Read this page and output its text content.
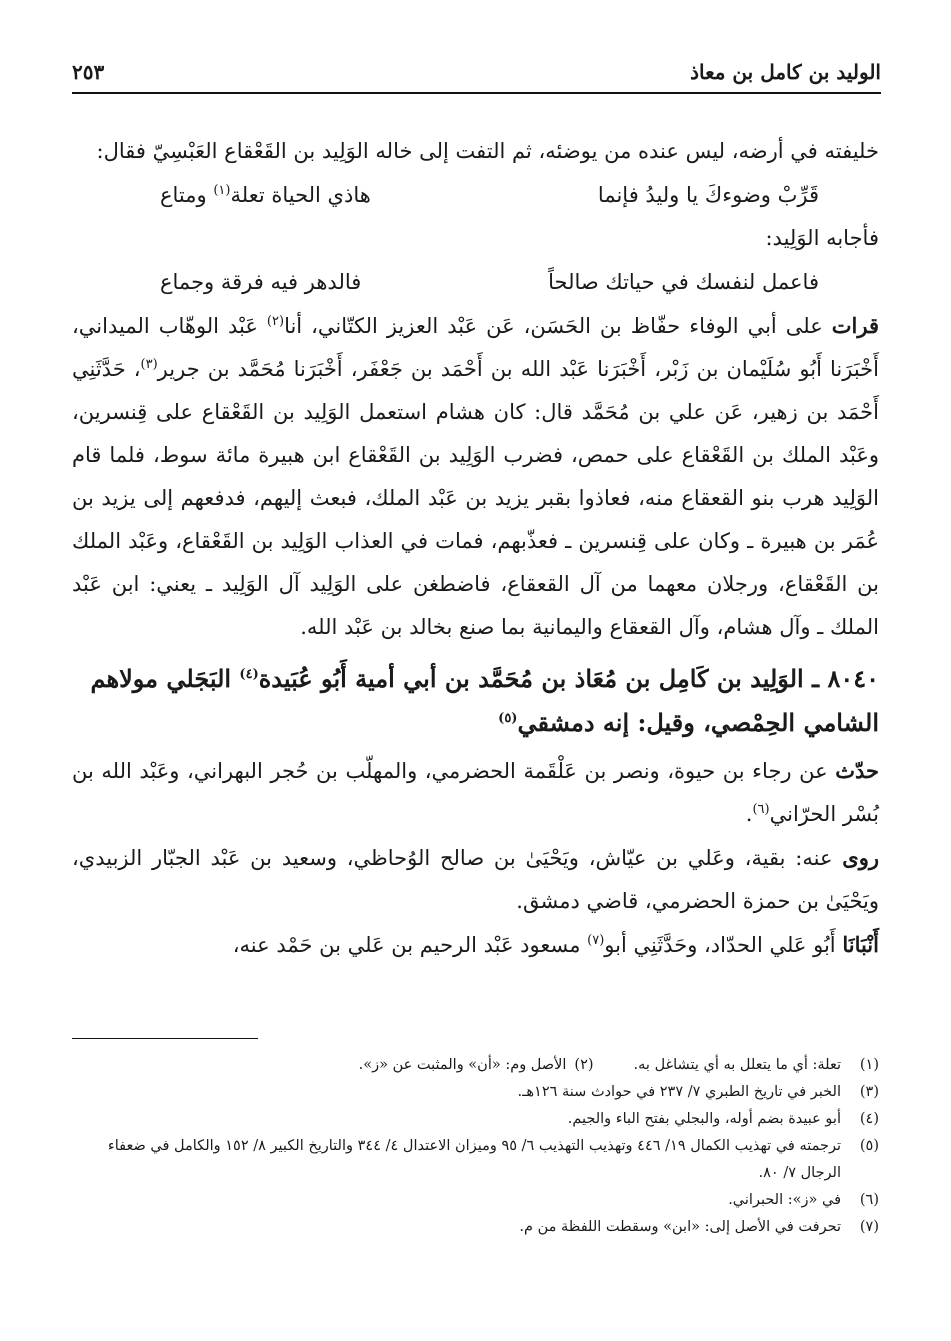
الوليد بن كامل بن معاذ
٢٥٣

خليفته في أرضه، ليس عنده من يوضئه، ثم التفت إلى خاله الوَلِيد بن القَعْقاع العَبْسِيّ فقال:

قَرِّبْ وضوءكَ يا وليدُ فإنما
هاذي الحياة تعلة$^{(١)}$ ومتاع

فأجابه الوَلِيد:

فاعمل لنفسك في حياتك صالحاً
فالدهر فيه فرقة وجماع

قرات على أبي الوفاء حفّاظ بن الحَسَن، عَن عَبْد العزيز الكتّاني، أنا$^{(٢)}$ عَبْد الوهّاب الميداني، أَخْبَرَنا أَبُو سُلَيْمان بن زَبْر، أَخْبَرَنا عَبْد الله بن أَحْمَد بن جَعْفَر، أَخْبَرَنا مُحَمَّد بن جرير$^{(٣)}$، حَدَّثَنِي أَحْمَد بن زهير، عَن علي بن مُحَمَّد قال: كان هشام استعمل الوَلِيد بن القَعْقاع على قِنسرين، وعَبْد الملك بن القَعْقاع على حمص، فضرب الوَلِيد بن القَعْقاع ابن هبيرة مائة سوط، فلما قام الوَلِيد هرب بنو القعقاع منه، فعاذوا بقبر يزيد بن عَبْد الملك، فبعث إليهم، فدفعهم إلى يزيد بن عُمَر بن هبيرة ـ وكان على قِنسرين ـ فعذّبهم، فمات في العذاب الوَلِيد بن القَعْقاع، وعَبْد الملك بن القَعْقاع، ورجلان معهما من آل القعقاع، فاضطغن على الوَلِيد آل الوَلِيد ـ يعني: ابن عَبْد الملك ـ وآل هشام، وآل القعقاع واليمانية بما صنع بخالد بن عَبْد الله.

٨٠٤٠ ـ الوَلِيد بن كَامِل بن مُعَاذ بن مُحَمَّد بن أبي أمية أَبُو عُبَيدة$^{(٤)}$ البَجَلي مولاهم الشامي الحِمْصي، وقيل: إنه دمشقي$^{(٥)}$

حدّث عن رجاء بن حيوة، ونصر بن عَلْقَمة الحضرمي، والمهلّب بن حُجر البهراني، وعَبْد الله بن بُسْر الحرّاني$^{(٦)}$.

روى عنه: بقية، وعَلي بن عيّاش، ويَحْيَىٰ بن صالح الوُحاظي، وسعيد بن عَبْد الجبّار الزبيدي، ويَحْيَىٰ بن حمزة الحضرمي، قاضي دمشق.

أَنْبَانَا أَبُو عَلي الحدّاد، وحَدَّثَنِي أبو$^{(٧)}$ مسعود عَبْد الرحيم بن عَلي بن حَمْد عنه،

(١)
تعلة: أي ما يتعلل به أي يتشاغل به.
(٢)
الأصل وم: «أن» والمثبت عن «ز».
(٣)
الخبر في تاريخ الطبري ٧/ ٢٣٧ في حوادث سنة ١٢٦هـ.
(٤)
أبو عبيدة بضم أوله، والبجلي بفتح الباء والجيم.
(٥)
ترجمته في تهذيب الكمال ١٩/ ٤٤٦ وتهذيب التهذيب ٦/ ٩٥ وميزان الاعتدال ٤/ ٣٤٤ والتاريخ الكبير ٨/ ١٥٢ والكامل في ضعفاء الرجال ٧/ ٨٠.
(٦)
في «ز»: الحبراني.
(٧)
تحرفت في الأصل إلى: «ابن» وسقطت اللفظة من م.
